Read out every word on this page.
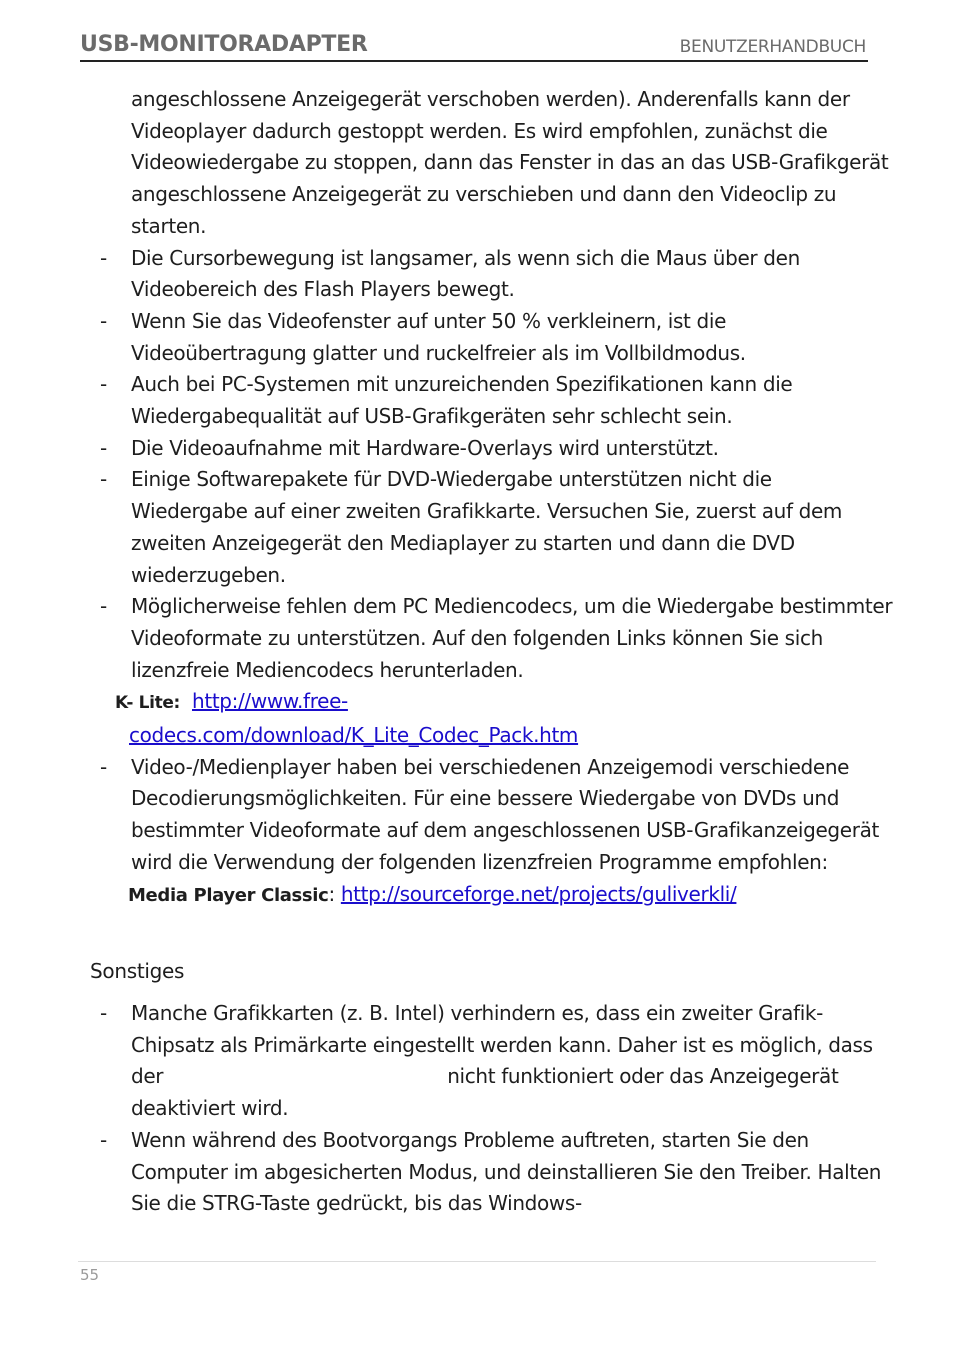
USB-MONITORADAPTER	BENUTZERHANDBUCH

angeschlossene Anzeigegerät verschoben werden). Anderenfalls kann der Videoplayer dadurch gestoppt werden. Es wird empfohlen, zunächst die Videowiedergabe zu stoppen, dann das Fenster in das an das USB-Grafikgerät angeschlossene Anzeigegerät zu verschieben und dann den Videoclip zu starten.

- Die Cursorbewegung ist langsamer, als wenn sich die Maus über den Videobereich des Flash Players bewegt.
- Wenn Sie das Videofenster auf unter 50 % verkleinern, ist die Videoübertragung glatter und ruckelfreier als im Vollbildmodus.
- Auch bei PC-Systemen mit unzureichenden Spezifikationen kann die Wiedergabequalität auf USB-Grafikgeräten sehr schlecht sein.
- Die Videoaufnahme mit Hardware-Overlays wird unterstützt.
- Einige Softwarepakete für DVD-Wiedergabe unterstützen nicht die Wiedergabe auf einer zweiten Grafikkarte. Versuchen Sie, zuerst auf dem zweiten Anzeigegerät den Mediaplayer zu starten und dann die DVD wiederzugeben.
- Möglicherweise fehlen dem PC Mediencodecs, um die Wiedergabe bestimmter Videoformate zu unterstützen. Auf den folgenden Links können Sie sich lizenzfreie Mediencodecs herunterladen.

K- Lite: http://www.free-

codecs.com/download/K_Lite_Codec_Pack.htm

- Video-/Medienplayer haben bei verschiedenen Anzeigemodi verschiedene Decodierungsmöglichkeiten. Für eine bessere Wiedergabe von DVDs und bestimmter Videoformate auf dem angeschlossenen USB-Grafikanzeigegerät wird die Verwendung der folgenden lizenzfreien Programme empfohlen:

Media Player Classic: http://sourceforge.net/projects/guliverkli/

Sonstiges

- Manche Grafikkarten (z. B. Intel) verhindern es, dass ein zweiter Grafik-Chipsatz als Primärkarte eingestellt werden kann. Daher ist es möglich, dass der	nicht funktioniert oder das Anzeigegerät deaktiviert wird.
- Wenn während des Bootvorgangs Probleme auftreten, starten Sie den Computer im abgesicherten Modus, und deinstallieren Sie den Treiber. Halten Sie die STRG-Taste gedrückt, bis das Windows-
55
